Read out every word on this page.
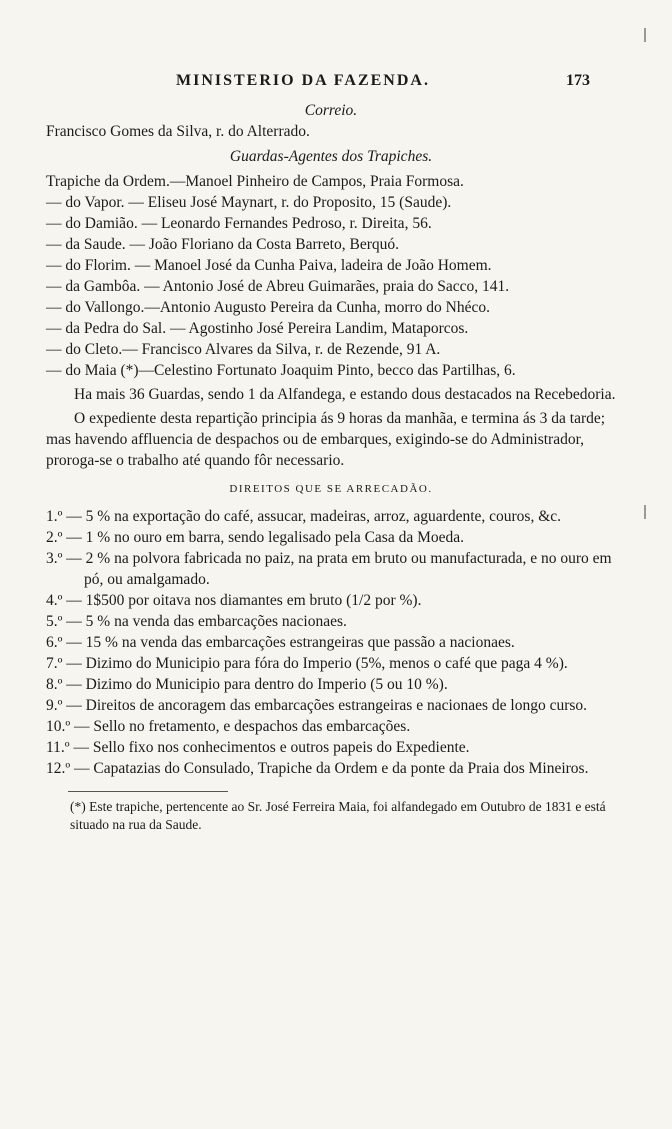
MINISTERIO DA FAZENDA.	173

Correio.

Francisco Gomes da Silva, r. do Alterrado.

Guardas-Agentes dos Trapiches.

Trapiche da Ordem.—Manoel Pinheiro de Campos, Praia Formosa.

— do Vapor. — Eliseu José Maynart, r. do Proposito, 15 (Saude).

— do Damião. — Leonardo Fernandes Pedroso, r. Direita, 56.

— da Saude. — João Floriano da Costa Barreto, Berquó.

— do Florim. — Manoel José da Cunha Paiva, ladeira de João Homem.

— da Gambôa. — Antonio José de Abreu Guimarães, praia do Sacco, 141.

— do Vallongo.—Antonio Augusto Pereira da Cunha, morro do Nhéco.

— da Pedra do Sal. — Agostinho José Pereira Landim, Mataporcos.

— do Cleto.— Francisco Alvares da Silva, r. de Rezende, 91 A.

— do Maia (*)—Celestino Fortunato Joaquim Pinto, becco das Partilhas, 6.

Ha mais 36 Guardas, sendo 1 da Alfandega, e estando dous destacados na Recebedoria.

O expediente desta repartição principia ás 9 horas da manhãa, e termina ás 3 da tarde; mas havendo affluencia de despachos ou de embarques, exigindo-se do Administrador, proroga-se o trabalho até quando fôr necessario.

DIREITOS QUE SE ARRECADÃO.

1.º — 5 % na exportação do café, assucar, madeiras, arroz, aguardente, couros, &c.

2.º — 1 % no ouro em barra, sendo legalisado pela Casa da Moeda.

3.º — 2 % na polvora fabricada no paiz, na prata em bruto ou manufacturada, e no ouro em pó, ou amalgamado.

4.º — 1$500 por oitava nos diamantes em bruto (1/2 por %).

5.º — 5 % na venda das embarcações nacionaes.

6.º — 15 % na venda das embarcações estrangeiras que passão a nacionaes.

7.º — Dizimo do Municipio para fóra do Imperio (5%, menos o café que paga 4 %).

8.º — Dizimo do Municipio para dentro do Imperio (5 ou 10 %).

9.º — Direitos de ancoragem das embarcações estrangeiras e nacionaes de longo curso.

10.º — Sello no fretamento, e despachos das embarcações.

11.º — Sello fixo nos conhecimentos e outros papeis do Expediente.

12.º — Capatazias do Consulado, Trapiche da Ordem e da ponte da Praia dos Mineiros.

(*) Este trapiche, pertencente ao Sr. José Ferreira Maia, foi alfandegado em Outubro de 1831 e está situado na rua da Saude.
